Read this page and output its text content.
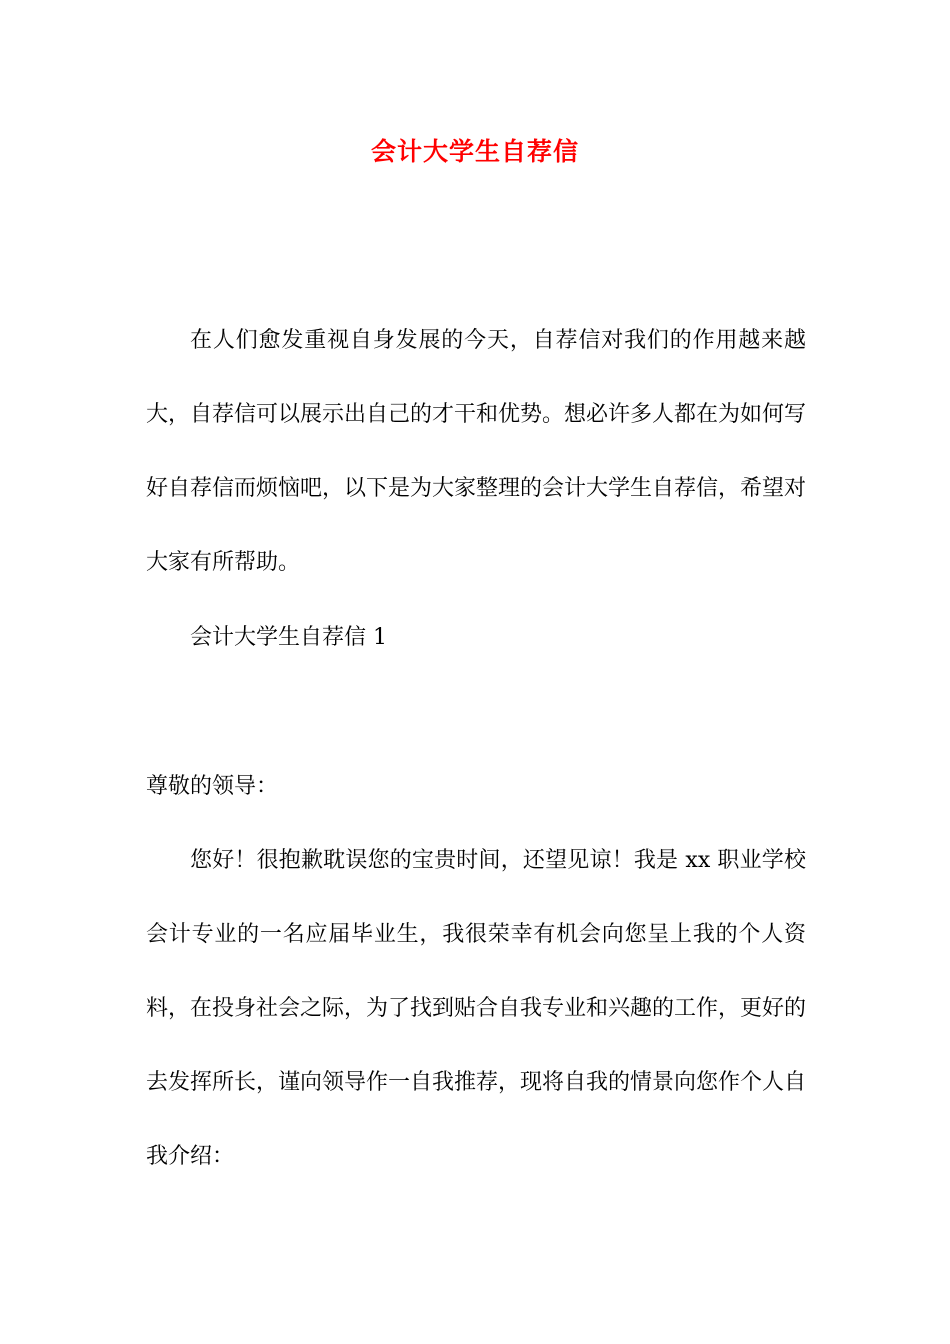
会计大学生自荐信

在人们愈发重视自身发展的今天，自荐信对我们的作用越来越大，自荐信可以展示出自己的才干和优势。想必许多人都在为如何写好自荐信而烦恼吧，以下是为大家整理的会计大学生自荐信，希望对大家有所帮助。

会计大学生自荐信 1

尊敬的领导：

您好！很抱歉耽误您的宝贵时间，还望见谅！我是 xx 职业学校会计专业的一名应届毕业生，我很荣幸有机会向您呈上我的个人资料，在投身社会之际，为了找到贴合自我专业和兴趣的工作，更好的去发挥所长，谨向领导作一自我推荐，现将自我的情景向您作个人自我介绍：
